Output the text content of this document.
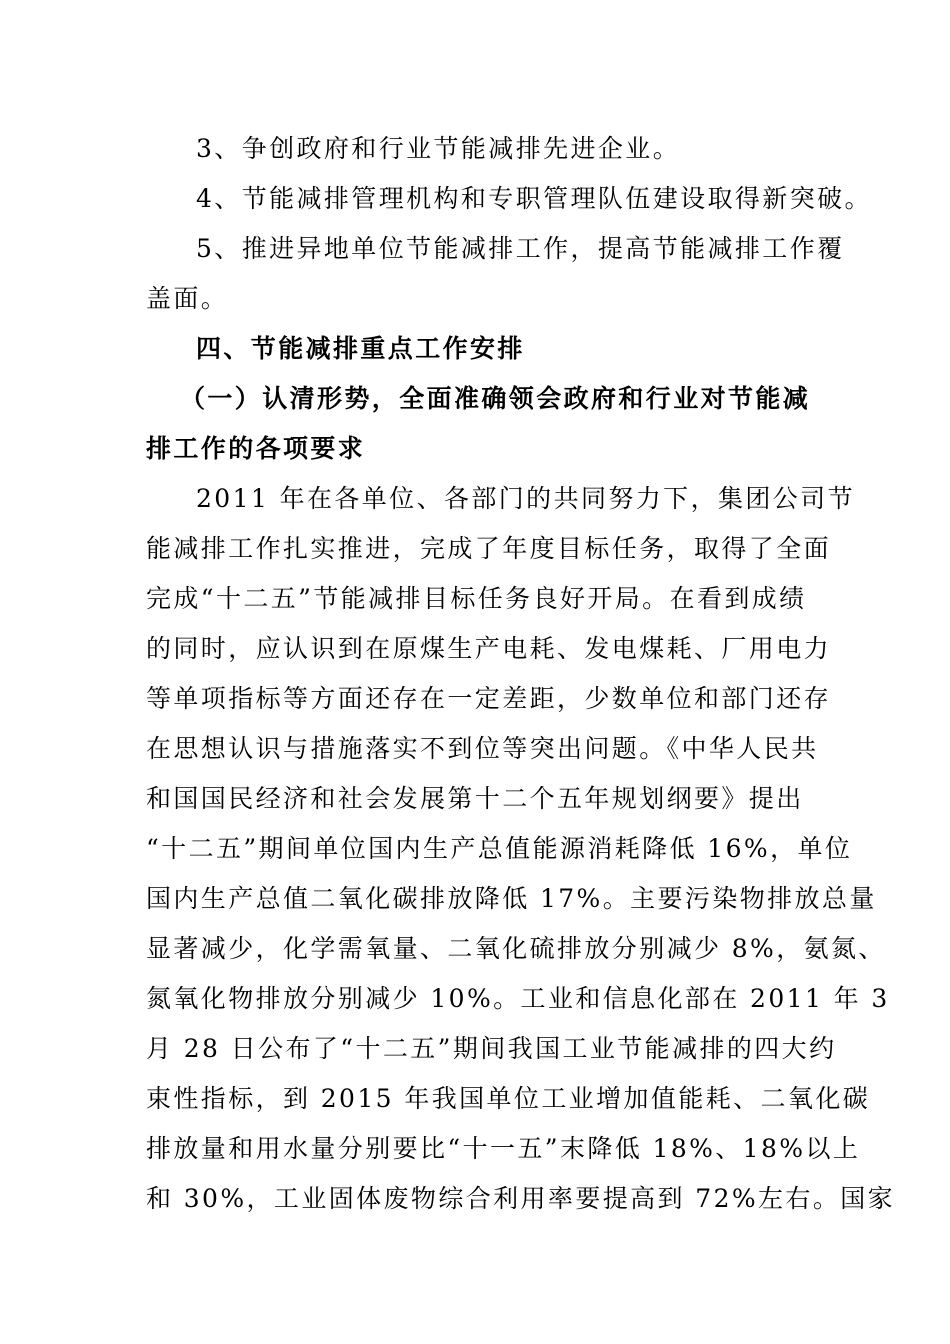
3、争创政府和行业节能减排先进企业。
4、节能减排管理机构和专职管理队伍建设取得新突破。
5、推进异地单位节能减排工作，提高节能减排工作覆
盖面。
四、节能减排重点工作安排
（一）认清形势，全面准确领会政府和行业对节能减
排工作的各项要求
2011 年在各单位、各部门的共同努力下，集团公司节
能减排工作扎实推进，完成了年度目标任务，取得了全面
完成“十二五”节能减排目标任务良好开局。在看到成绩
的同时，应认识到在原煤生产电耗、发电煤耗、厂用电力
等单项指标等方面还存在一定差距，少数单位和部门还存
在思想认识与措施落实不到位等突出问题。《中华人民共
和国国民经济和社会发展第十二个五年规划纲要》提出
“十二五”期间单位国内生产总值能源消耗降低 16%，单位
国内生产总值二氧化碳排放降低 17%。主要污染物排放总量
显著减少，化学需氧量、二氧化硫排放分别减少 8%，氨氮、
氮氧化物排放分别减少 10%。工业和信息化部在 2011 年 3
月 28 日公布了“十二五”期间我国工业节能减排的四大约
束性指标，到 2015 年我国单位工业增加值能耗、二氧化碳
排放量和用水量分别要比“十一五”末降低 18%、18%以上
和 30%，工业固体废物综合利用率要提高到 72%左右。国家
